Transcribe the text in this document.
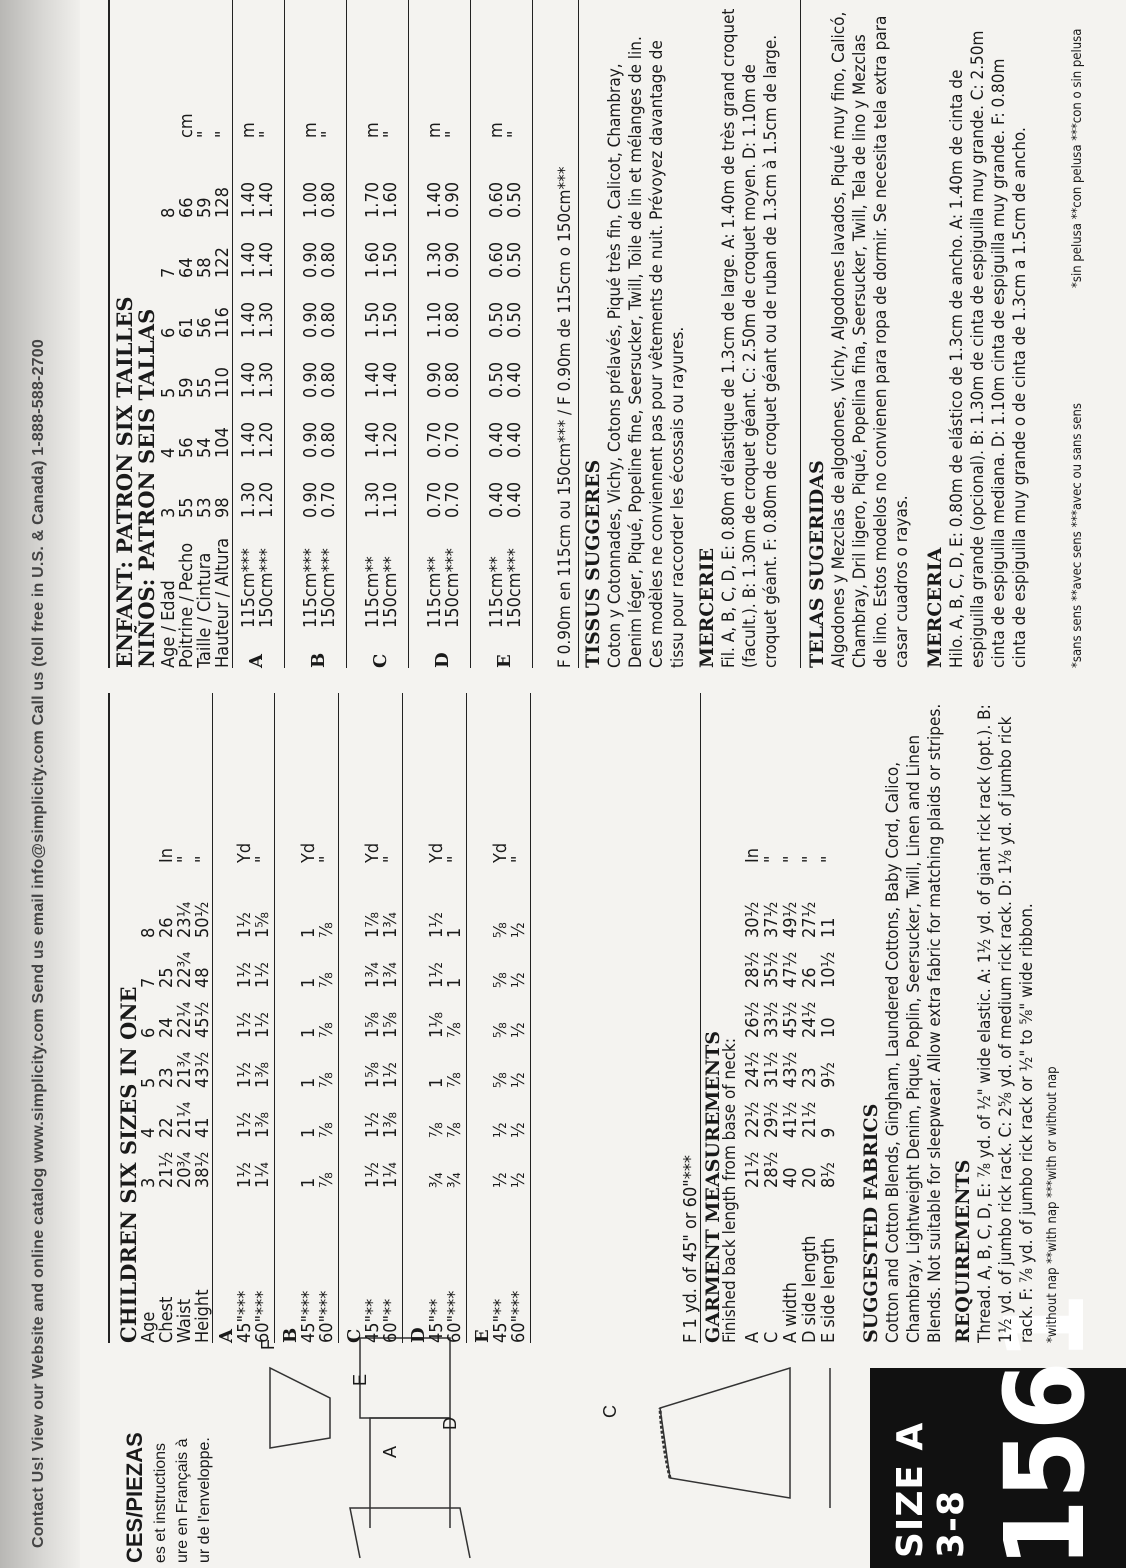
Contact Us! View our Website and online catalog www.simplicity.com Send us email info@simplicity.com Call us (toll free in U.S. & Canada) 1-888-588-2700	SIZE A 3-8 1561
CES/PIEZAS es et instructions ure en Français à ur de l'enveloppe.
F
E
A
D
C
CHILDREN SIX SIZES IN ONE
Age
3
4
5
6
7
8
Chest
21½
22
23
24
25
26
In
Waist
20¾
21¼
21¾
22¼
22¾
23¼
"
Height
38½
41
43½
45½
48
50½
"
A
45"***
1½
1½
1½
1½
1½
1½
Yd
60"***
1¼
1⅜
1⅜
1½
1½
1⅝
"
B
45"***
1
1
1
1
1
1
Yd
60"***
⅞
⅞
⅞
⅞
⅞
⅞
"
C
45"**
1½
1½
1⅝
1⅝
1¾
1⅞
Yd
60"**
1¼
1⅜
1½
1⅝
1¾
1¾
"
D
45"**
¾
⅞
1
1⅛
1½
1½
Yd
60"***
¾
⅞
⅞
⅞
1
1
"
E
45"**
½
½
⅝
⅝
⅝
⅝
Yd
60"***
½
½
½
½
½
½
"
F 1 yd. of 45" or 60"*** GARMENT MEASUREMENTS
Finished back length from base of neck: A
21½
22½
24½
26½
28½
30½
In
C
28½
29½
31½
33½
35½
37½
"
A width
40
41½
43½
45½
47½
49½
"
D side length
20
21½
23
24½
26
27½
"
E side length
8½
9
9½
10
10½
11
"
SUGGESTED FABRICS Cotton and Cotton Blends, Gingham, Laundered Cottons, Baby Cord, Calico, Chambray, Lightweight Denim, Pique, Poplin, Seersucker, Twill, Linen and Linen Blends. Not suitable for sleepwear. Allow extra fabric for matching plaids or stripes. REQUIREMENTS Thread. A, B, C, D, E: ⅞ yd. of ½" wide elastic. A: 1½ yd. of giant rick rack (opt.). B: 1½ yd. of jumbo rick rack. C: 2⅝ yd. of medium rick rack. D: 1⅛ yd. of jumbo rick rack. F: ⅞ yd. of jumbo rick rack or ½" to ⅝" wide ribbon. *without nap **with nap ***with or without nap
ENFANT: PATRON SIX TAILLES
NIÑOS: PATRON SEIS TALLAS Age / Edad
3
4
5
6
7
8
Poitrine / Pecho
55
56
59
61
64
66
cm
Taille / Cintura
53
54
55
56
58
59
"
Hauteur / Altura
98
104
110
116
122
128
"
A
115cm***
1.30
1.40
1.40
1.40
1.40
1.40
m
150cm***
1.20
1.20
1.30
1.30
1.40
1.40
"
B
115cm***
0.90
0.90
0.90
0.90
0.90
1.00
m
150cm***
0.70
0.80
0.80
0.80
0.80
0.80
"
C
115cm**
1.30
1.40
1.40
1.50
1.60
1.70
m
150cm**
1.10
1.20
1.40
1.50
1.50
1.60
"
D
115cm**
0.70
0.70
0.90
1.10
1.30
1.40
m
150cm***
0.70
0.70
0.80
0.80
0.90
0.90
"
E
115cm**
0.40
0.40
0.50
0.50
0.60
0.60
m
150cm***
0.40
0.40
0.40
0.50
0.50
0.50
"
F 0.90m en 115cm ou 150cm*** / F 0.90m de 115cm o 150cm*** TISSUS SUGGERES Coton y Cotonnades, Vichy, Cotons prélavés, Piqué très fin, Calicot, Chambray, Denim léger, Piqué, Popeline fine, Seersucker, Twill, Toile de lin et mélanges de lin. Ces modèles ne conviennent pas pour vêtements de nuit. Prévoyez davantage de tissu pour raccorder les écossais ou rayures. MERCERIE Fil. A, B, C, D, E: 0.80m d'élastique de 1.3cm de large. A: 1.40m de très grand croquet (facult.). B: 1.30m de croquet géant. C: 2.50m de croquet moyen. D: 1.10m de croquet géant. F: 0.80m de croquet géant ou de ruban de 1.3cm à 1.5cm de large. TELAS SUGERIDAS Algodones y Mezclas de algodones, Vichy, Algodones lavados, Piqué muy fino, Calicó, Chambray, Dril ligero, Piqué, Popelina fina, Seersucker, Twill, Tela de lino y Mezclas de lino. Estos modelos no convienen para ropa de dormir. Se necesita tela extra para casar cuadros o rayas. MERCERIA Hilo. A, B, C, D, E: 0.80m de elástico de 1.3cm de ancho. A: 1.40m de cinta de espiguilla grande (opcional). B: 1.30m de cinta de espiguilla muy grande. C: 2.50m cinta de espiguilla mediana. D: 1.10m cinta de espiguilla muy grande. F: 0.80m cinta de espiguilla muy grande o de cinta de 1.3cm a 1.5cm de ancho.	*sans sens **avec sens ***avec ou sans sens
*sin pelusa **con pelusa ***con o sin pelusa
